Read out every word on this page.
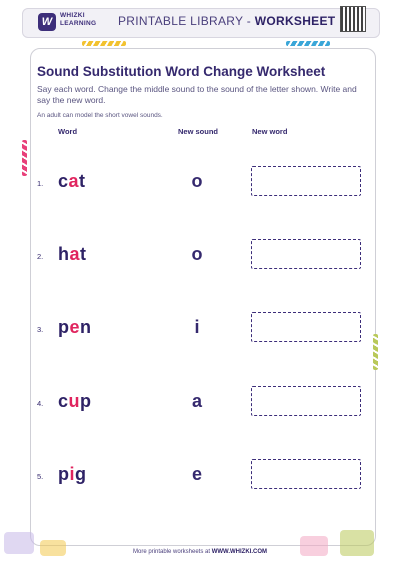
W
WHIZKI
LEARNING PRINTABLE LIBRARY - WORKSHEET
Sound Substitution Word Change Worksheet
Say each word. Change the middle sound to the sound of the letter shown. Write and say the new word.
An adult can model the short vowel sounds.
Word	New sound	New word
1. cat	o
2. hat	o
3. pen	i
4. cup	a
5. pig	e
More printable worksheets at WWW.WHIZKI.COM
